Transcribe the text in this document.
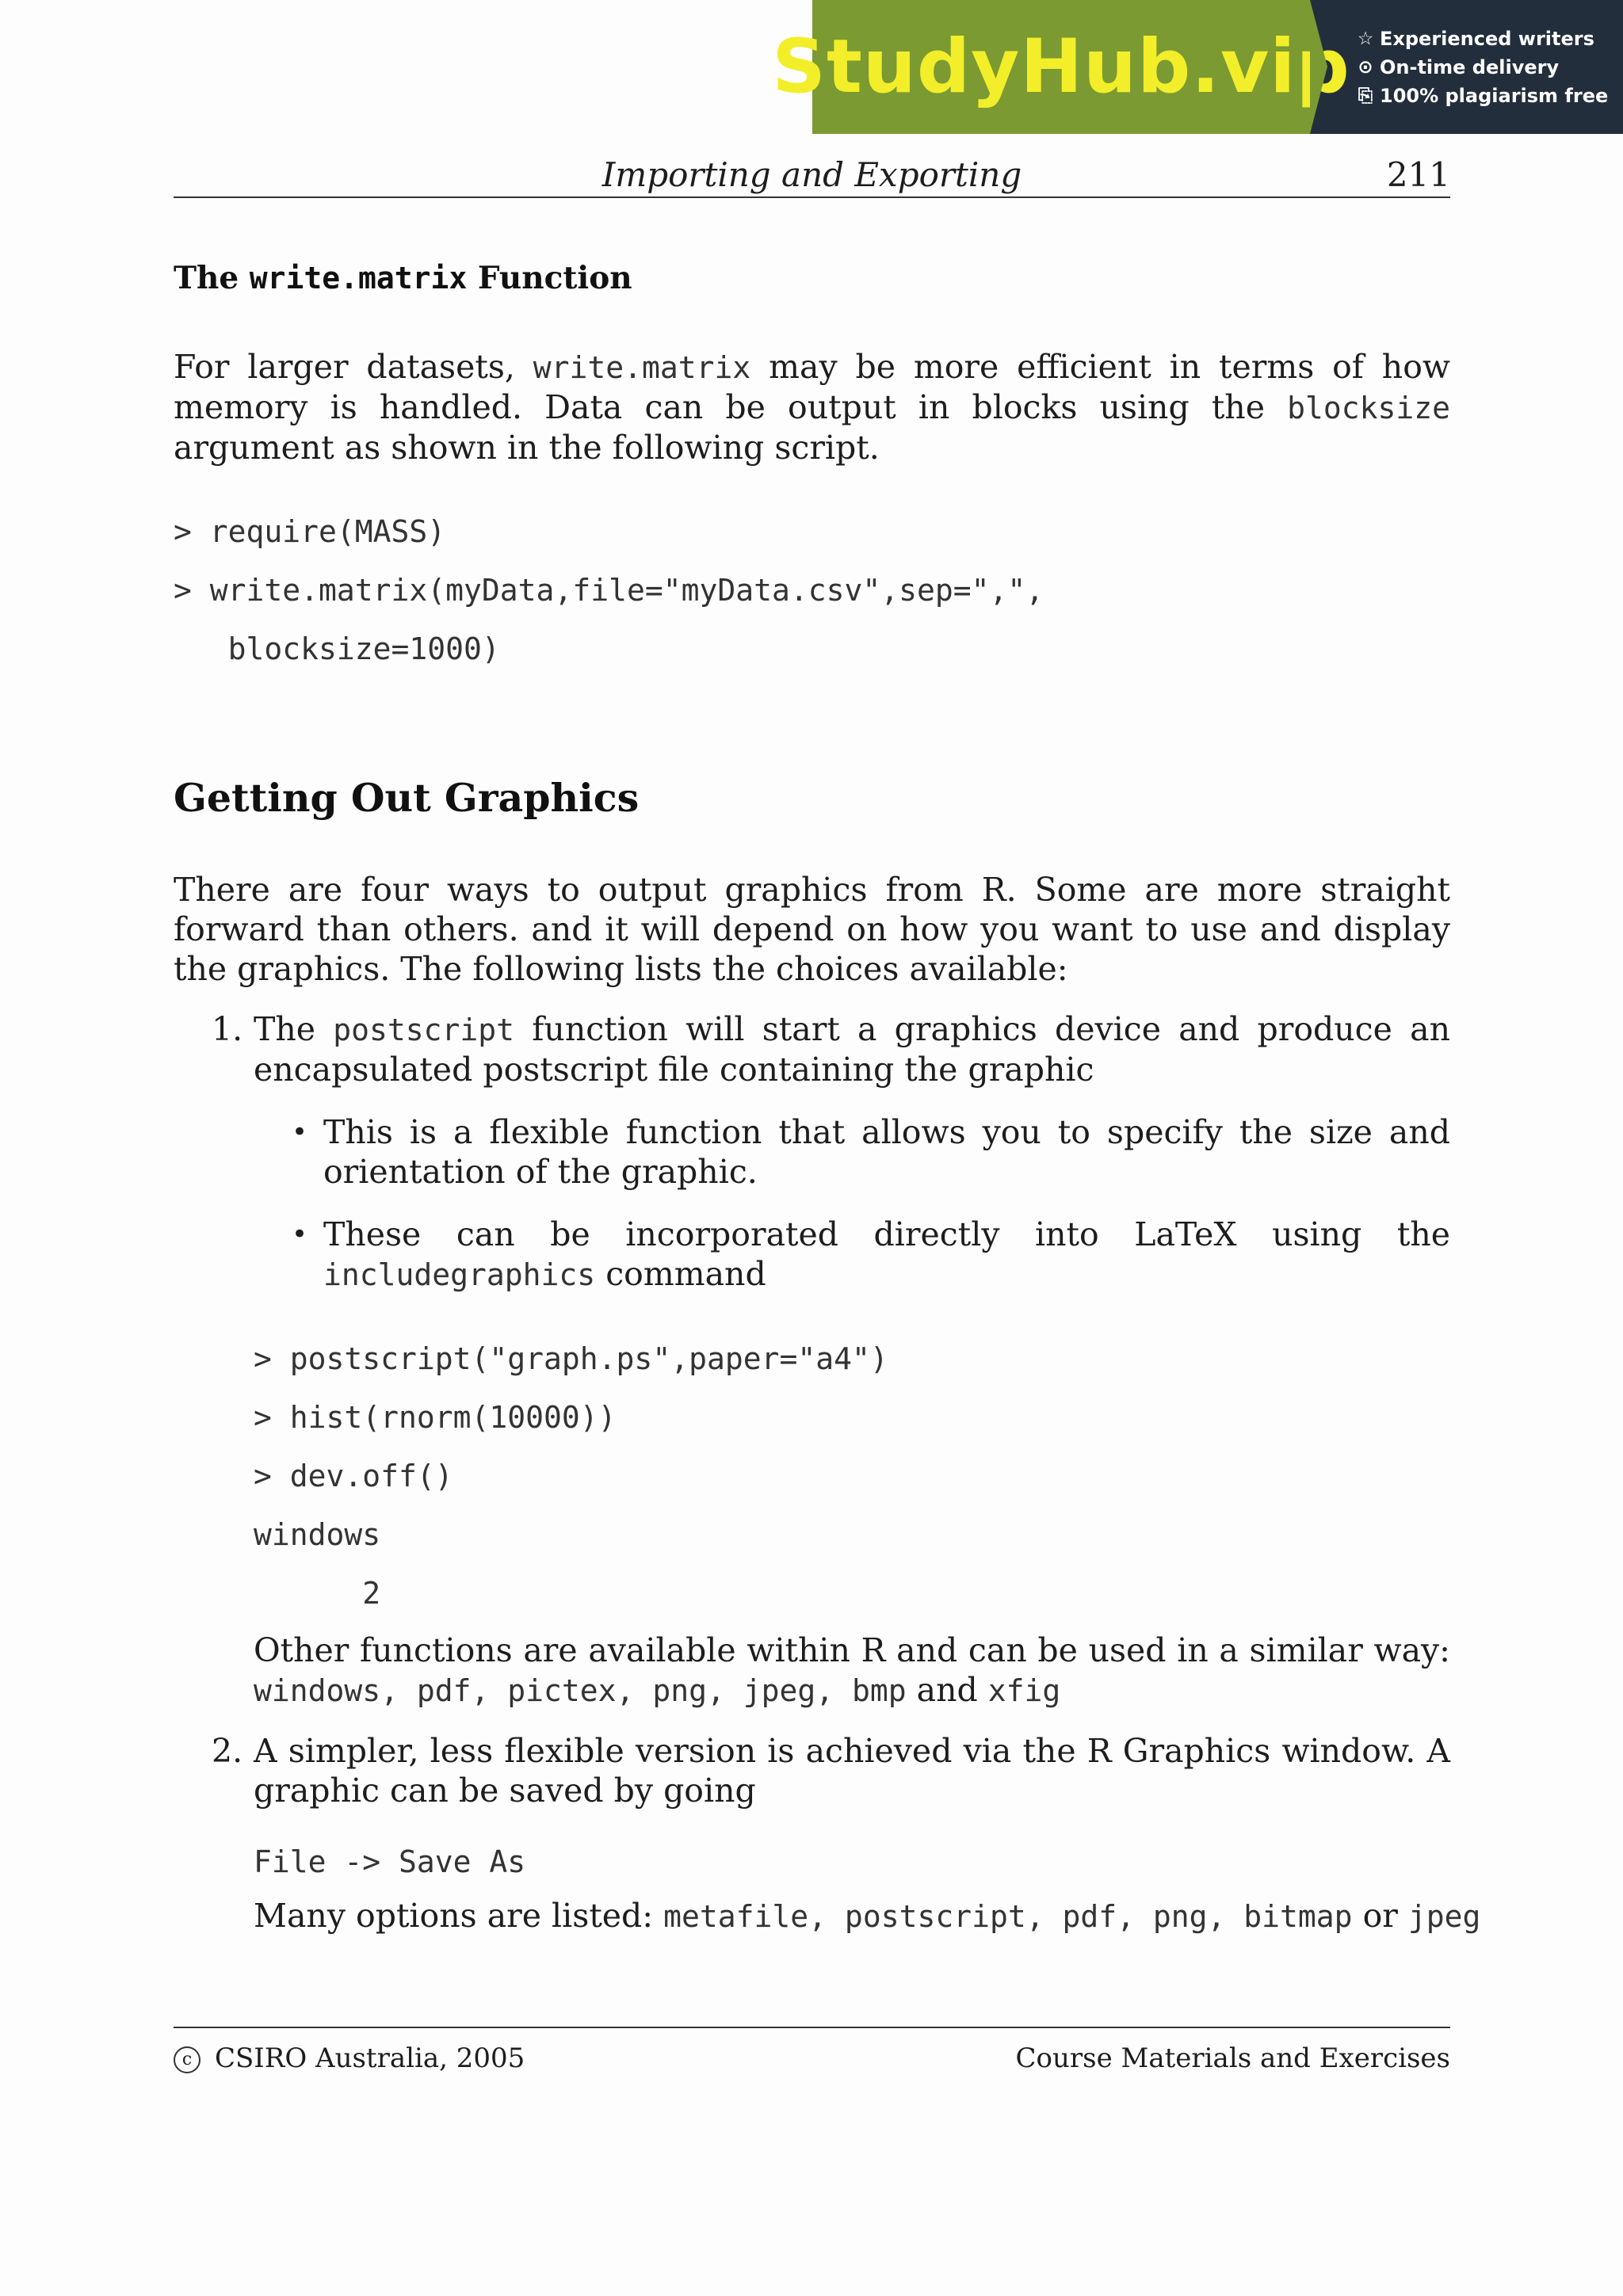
StudyHub.vip ☆ Experienced writers
⊙ On-time delivery
⎘ 100% plagiarism free
Importing and Exporting	211
The write.matrix Function

For larger datasets, write.matrix may be more efficient in terms of how memory is handled. Data can be output in blocks using the blocksize argument as shown in the following script.

> require(MASS)
> write.matrix(myData,file="myData.csv",sep=",",
blocksize=1000)
Getting Out Graphics

There are four ways to output graphics from R. Some are more straight forward than others. and it will depend on how you want to use and display the graphics. The following lists the choices available:

1. The postscript function will start a graphics device and produce an encapsulated postscript file containing the graphic

• This is a flexible function that allows you to specify the size and orientation of the graphic.

• These can be incorporated directly into LaTeX using the includegraphics command

> postscript("graph.ps",paper="a4")
> hist(rnorm(10000))
> dev.off()
windows
2

Other functions are available within R and can be used in a similar way: windows, pdf, pictex, png, jpeg, bmp and xfig

2. A simpler, less flexible version is achieved via the R Graphics window. A graphic can be saved by going

File -> Save As

Many options are listed: metafile, postscript, pdf, png, bitmap or jpeg

c CSIRO Australia, 2005	Course Materials and Exercises
